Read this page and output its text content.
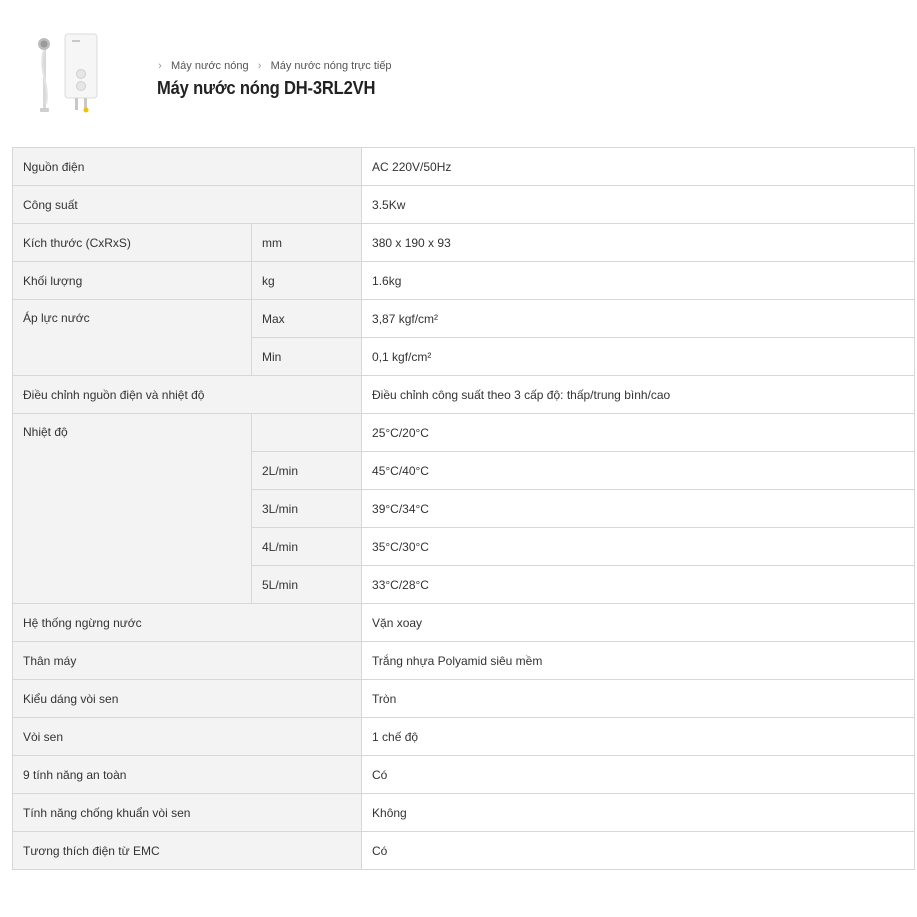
› Máy nước nóng › Máy nước nóng trực tiếp
Máy nước nóng DH-3RL2VH
Nguồn điện		AC 220V/50Hz
Công suất		3.5Kw
Kích thước (CxRxS)	mm	380 x 190 x 93
Khối lượng	kg	1.6kg
Áp lực nước	Max	3,87 kgf/cm²
	Min	0,1 kgf/cm²
Điều chỉnh nguồn điện và nhiệt độ		Điều chỉnh công suất theo 3 cấp độ: thấp/trung bình/cao
Nhiệt độ		25°C/20°C
	2L/min	45°C/40°C
	3L/min	39°C/34°C
	4L/min	35°C/30°C
	5L/min	33°C/28°C
Hệ thống ngừng nước		Vặn xoay
Thân máy		Trắng nhựa Polyamid siêu mềm
Kiểu dáng vòi sen		Tròn
Vòi sen		1 chế độ
9 tính năng an toàn		Có
Tính năng chống khuẩn vòi sen		Không
Tương thích điện từ EMC		Có
